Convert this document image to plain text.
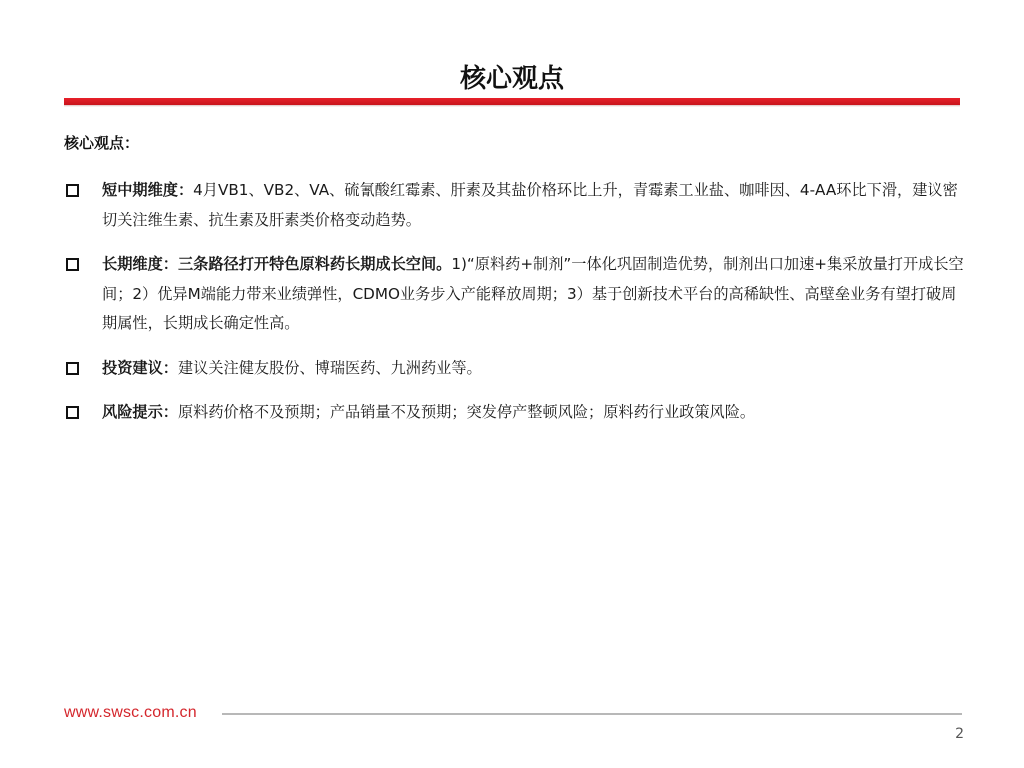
核心观点
核心观点：
短中期维度：4月VB1、VB2、VA、硫氰酸红霉素、肝素及其盐价格环比上升，青霉素工业盐、咖啡因、4-AA环比下滑，建议密切关注维生素、抗生素及肝素类价格变动趋势。
长期维度：三条路径打开特色原料药长期成长空间。1)“原料药+制剂”一体化巩固制造优势，制剂出口加速+集采放量打开成长空间；2）优异M端能力带来业绩弹性，CDMO业务步入产能释放周期；3）基于创新技术平台的高稀缺性、高壁垒业务有望打破周期属性，长期成长确定性高。
投资建议：建议关注健友股份、博瑞医药、九洲药业等。
风险提示：原料药价格不及预期；产品销量不及预期；突发停产整顿风险；原料药行业政策风险。
www.swsc.com.cn
2
